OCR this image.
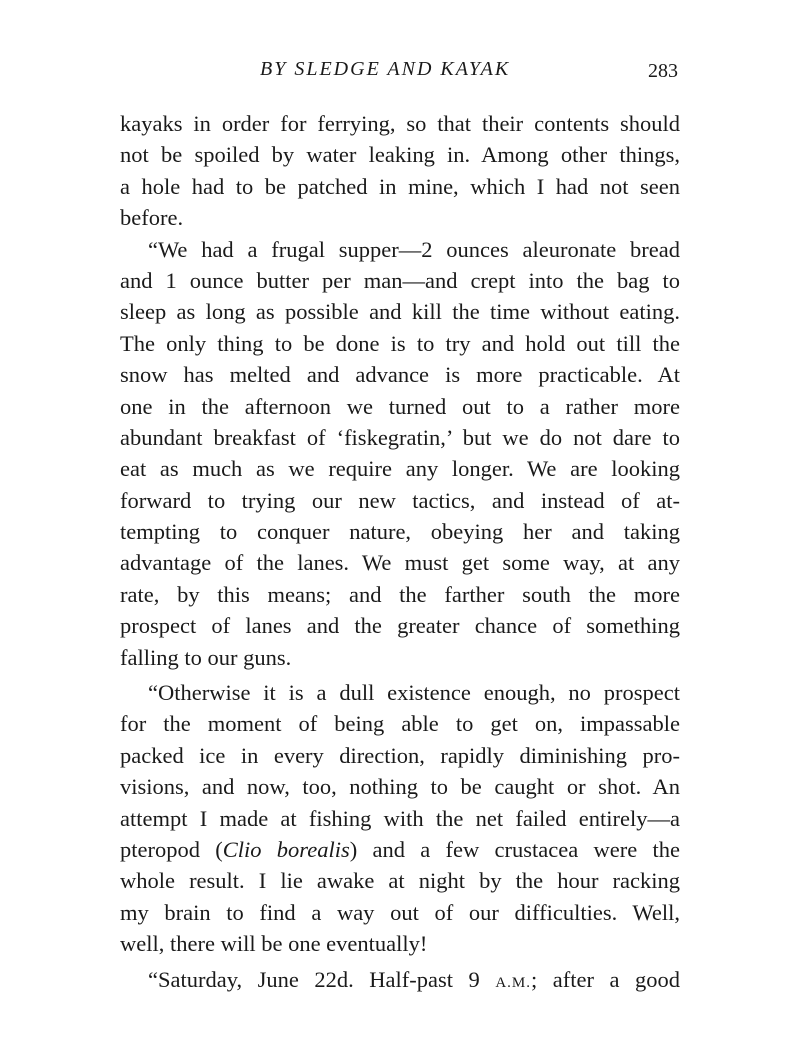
BY SLEDGE AND KAYAK	283
kayaks in order for ferrying, so that their contents should
not be spoiled by water leaking in. Among other things,
a hole had to be patched in mine, which I had not seen
before.
“We had a frugal supper—2 ounces aleuronate bread
and 1 ounce butter per man—and crept into the bag to
sleep as long as possible and kill the time without eating.
The only thing to be done is to try and hold out till the
snow has melted and advance is more practicable. At
one in the afternoon we turned out to a rather more
abundant breakfast of ‘fiskegratin,’ but we do not dare to
eat as much as we require any longer. We are looking
forward to trying our new tactics, and instead of at-
tempting to conquer nature, obeying her and taking
advantage of the lanes. We must get some way, at any
rate, by this means; and the farther south the more
prospect of lanes and the greater chance of something
falling to our guns.
“Otherwise it is a dull existence enough, no prospect
for the moment of being able to get on, impassable
packed ice in every direction, rapidly diminishing pro-
visions, and now, too, nothing to be caught or shot. An
attempt I made at fishing with the net failed entirely—a
pteropod (Clio borealis) and a few crustacea were the
whole result. I lie awake at night by the hour racking
my brain to find a way out of our difficulties. Well,
well, there will be one eventually!
“Saturday, June 22d. Half-past 9 A.M.; after a good
